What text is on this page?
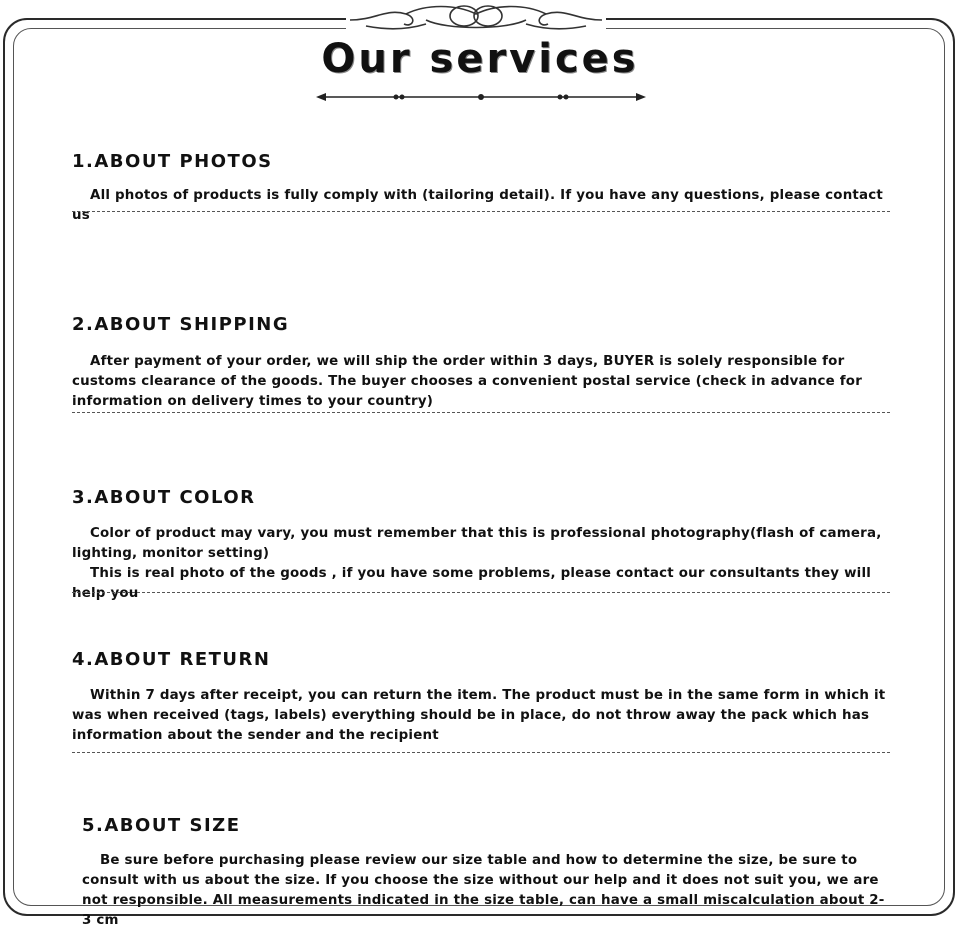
Our services
1.ABOUT PHOTOS

All photos of products is fully comply with (tailoring detail). If you have any questions, please contact us

2.ABOUT SHIPPING

After payment of your order, we will ship the order within 3 days, BUYER is solely responsible for customs clearance of the goods. The buyer chooses a convenient postal service (check in advance for information on delivery times to your country)

3.ABOUT COLOR

Color of product may vary, you must remember that this is professional photography(flash of camera, lighting, monitor setting)

This is real photo of the goods , if you have some problems, please contact our consultants they will help you

4.ABOUT RETURN

Within 7 days after receipt, you can return the item. The product must be in the same form in which it was when received (tags, labels) everything should be in place, do not throw away the pack which has information about the sender and the recipient

5.ABOUT SIZE

Be sure before purchasing please review our size table and how to determine the size, be sure to consult with us about the size. If you choose the size without our help and it does not suit you, we are not responsible. All measurements indicated in the size table, can have a small miscalculation about 2-3 cm
